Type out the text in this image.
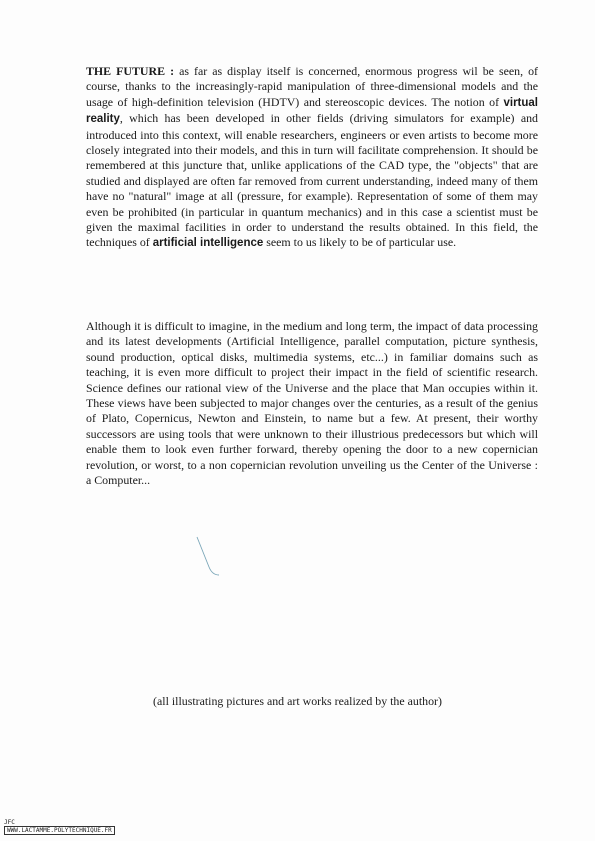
THE FUTURE : as far as display itself is concerned, enormous progress wil be seen, of course, thanks to the increasingly-rapid manipulation of three-dimensional models and the usage of high-definition television (HDTV) and stereoscopic devices. The notion of virtual reality, which has been developed in other fields (driving simulators for example) and introduced into this context, will enable researchers, engineers or even artists to become more closely integrated into their models, and this in turn will facilitate comprehension. It should be remembered at this juncture that, unlike applications of the CAD type, the "objects" that are studied and displayed are often far removed from current understanding, indeed many of them have no "natural" image at all (pressure, for example). Representation of some of them may even be prohibited (in particular in quantum mechanics) and in this case a scientist must be given the maximal facilities in order to understand the results obtained. In this field, the techniques of artificial intelligence seem to us likely to be of particular use.
Although it is difficult to imagine, in the medium and long term, the impact of data processing and its latest developments (Artificial Intelligence, parallel computation, picture synthesis, sound production, optical disks, multimedia systems, etc...) in familiar domains such as teaching, it is even more difficult to project their impact in the field of scientific research. Science defines our rational view of the Universe and the place that Man occupies within it. These views have been subjected to major changes over the centuries, as a result of the genius of Plato, Copernicus, Newton and Einstein, to name but a few. At present, their worthy successors are using tools that were unknown to their illustrious predecessors but which will enable them to look even further forward, thereby opening the door to a new copernician revolution, or worst, to a non copernician revolution unveiling us the Center of the Universe : a Computer...
(all illustrating pictures and art works realized by the author)
JFC
WWW.LACTAMME.POLYTECHNIQUE.FR
